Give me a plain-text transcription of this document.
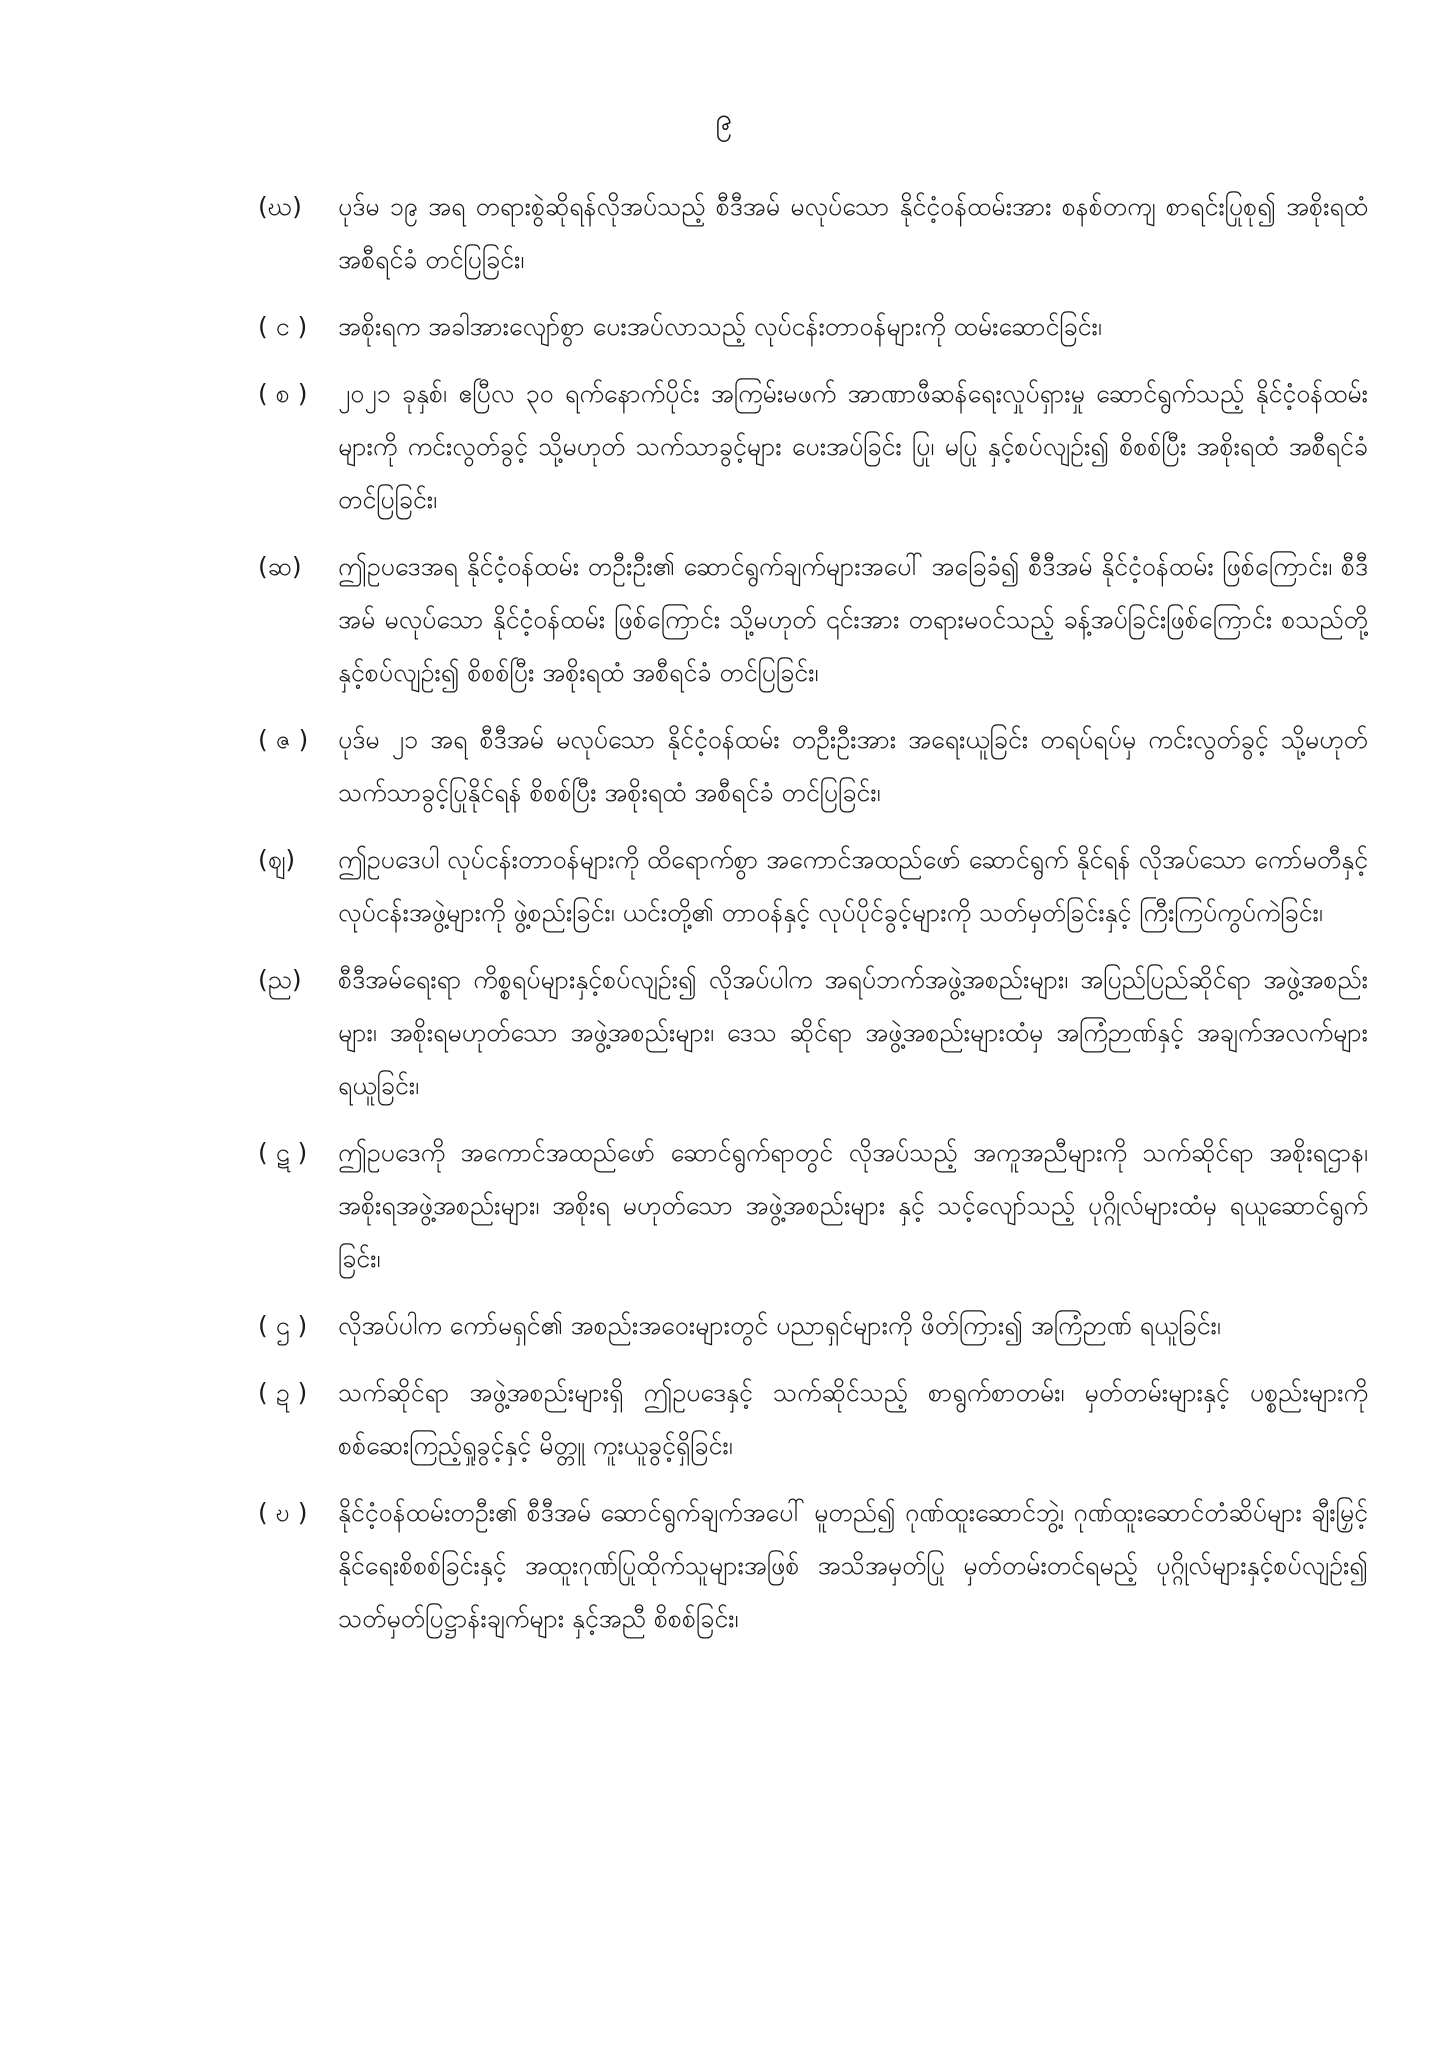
၉
(ဃ)	ပုဒ်မ ၁၉ အရ တရားစွဲဆိုရန်လိုအပ်သည့် စီဒီအမ် မလုပ်သော နိုင်ငံ့ဝန်ထမ်းအား စနစ်တကျ စာရင်းပြုစု၍ အစိုးရထံ အစီရင်ခံ တင်ပြခြင်း၊
( င )	အစိုးရက အခါအားလျော်စွာ ပေးအပ်လာသည့် လုပ်ငန်းတာဝန်များကို ထမ်းဆောင်ခြင်း၊
( စ )	၂၀၂၁ ခုနှစ်၊ ဧပြီလ ၃၀ ရက်နောက်ပိုင်း အကြမ်းမဖက် အာဏာဖီဆန်ရေးလှုပ်ရှားမှု ဆောင်ရွက်သည့် နိုင်ငံ့ဝန်ထမ်းများကို ကင်းလွတ်ခွင့် သို့မဟုတ် သက်သာခွင့်များ ပေးအပ်ခြင်း ပြု၊ မပြု နှင့်စပ်လျဉ်း၍ စိစစ်ပြီး အစိုးရထံ အစီရင်ခံ တင်ပြခြင်း၊
(ဆ)	ဤဥပဒေအရ နိုင်ငံ့ဝန်ထမ်း တဦးဦး၏ ဆောင်ရွက်ချက်များအပေါ် အခြေခံ၍ စီဒီအမ် နိုင်ငံ့ဝန်ထမ်း ဖြစ်ကြောင်း၊ စီဒီအမ် မလုပ်သော နိုင်ငံ့ဝန်ထမ်း ဖြစ်ကြောင်း သို့မဟုတ် ၎င်းအား တရားမဝင်သည့် ခန့်အပ်ခြင်းဖြစ်ကြောင်း စသည်တို့နှင့်စပ်လျဉ်း၍ စိစစ်ပြီး အစိုးရထံ အစီရင်ခံ တင်ပြခြင်း၊
( ဇ )	ပုဒ်မ ၂၁ အရ စီဒီအမ် မလုပ်သော နိုင်ငံ့ဝန်ထမ်း တဦးဦးအား အရေးယူခြင်း တရပ်ရပ်မှ ကင်းလွတ်ခွင့် သို့မဟုတ် သက်သာခွင့်ပြုနိုင်ရန် စိစစ်ပြီး အစိုးရထံ အစီရင်ခံ တင်ပြခြင်း၊
(ဈ)	ဤဥပဒေပါ လုပ်ငန်းတာဝန်များကို ထိရောက်စွာ အကောင်အထည်ဖော် ဆောင်ရွက် နိုင်ရန် လိုအပ်သော ကော်မတီနှင့် လုပ်ငန်းအဖွဲ့များကို ဖွဲ့စည်းခြင်း၊ ယင်းတို့၏ တာဝန်နှင့် လုပ်ပိုင်ခွင့်များကို သတ်မှတ်ခြင်းနှင့် ကြီးကြပ်ကွပ်ကဲခြင်း၊
(ည)	စီဒီအမ်ရေးရာ ကိစ္စရပ်များနှင့်စပ်လျဉ်း၍ လိုအပ်ပါက အရပ်ဘက်အဖွဲ့အစည်းများ၊ အပြည်ပြည်ဆိုင်ရာ အဖွဲ့အစည်းများ၊ အစိုးရမဟုတ်သော အဖွဲ့အစည်းများ၊ ဒေသ ဆိုင်ရာ အဖွဲ့အစည်းများထံမှ အကြံဉာဏ်နှင့် အချက်အလက်များရယူခြင်း၊
( ဋ )	ဤဥပဒေကို အကောင်အထည်ဖော် ဆောင်ရွက်ရာတွင် လိုအပ်သည့် အကူအညီများကို သက်ဆိုင်ရာ အစိုးရဌာန၊ အစိုးရအဖွဲ့အစည်းများ၊ အစိုးရ မဟုတ်သော အဖွဲ့အစည်းများ နှင့် သင့်လျော်သည့် ပုဂ္ဂိုလ်များထံမှ ရယူဆောင်ရွက်ခြင်း၊
( ဌ )	လိုအပ်ပါက ကော်မရှင်၏ အစည်းအဝေးများတွင် ပညာရှင်များကို ဖိတ်ကြား၍ အကြံဉာဏ် ရယူခြင်း၊
( ဍ )	သက်ဆိုင်ရာ အဖွဲ့အစည်းများရှိ ဤဥပဒေနှင့် သက်ဆိုင်သည့် စာရွက်စာတမ်း၊ မှတ်တမ်းများနှင့် ပစ္စည်းများကို စစ်ဆေးကြည့်ရှုခွင့်နှင့် မိတ္တူ ကူးယူခွင့်ရှိခြင်း၊
( ဎ )	နိုင်ငံ့ဝန်ထမ်းတဦး၏ စီဒီအမ် ဆောင်ရွက်ချက်အပေါ် မူတည်၍ ဂုဏ်ထူးဆောင်ဘွဲ့၊ ဂုဏ်ထူးဆောင်တံဆိပ်များ ချီးမြှင့်နိုင်ရေးစိစစ်ခြင်းနှင့် အထူးဂုဏ်ပြုထိုက်သူများအဖြစ် အသိအမှတ်ပြု မှတ်တမ်းတင်ရမည့် ပုဂ္ဂိုလ်များနှင့်စပ်လျဉ်း၍ သတ်မှတ်ပြဋ္ဌာန်းချက်များ နှင့်အညီ စိစစ်ခြင်း၊
